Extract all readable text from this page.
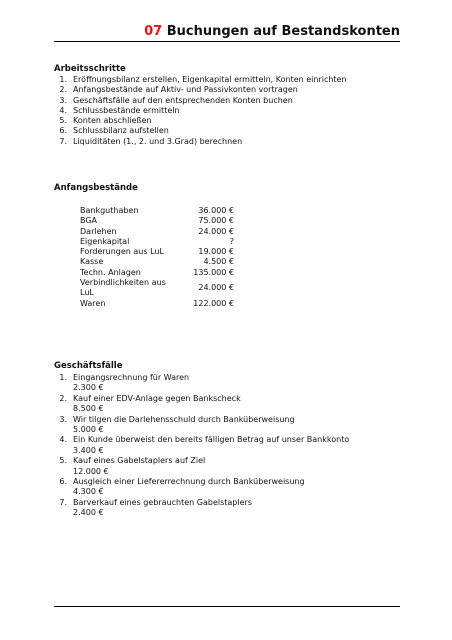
07 Buchungen auf Bestandskonten
Arbeitsschritte
1. Eröffnungsbilanz erstellen, Eigenkapital ermitteln, Konten einrichten
2. Anfangsbestände auf Aktiv- und Passivkonten vortragen
3. Geschäftsfälle auf den entsprechenden Konten buchen
4. Schlussbestände ermitteln
5. Konten abschließen
6. Schlussbilanz aufstellen
7. Liquiditäten (1., 2. und 3.Grad) berechnen
Anfangsbestände
Bankguthaben	36.000 €
BGA	75.000 €
Darlehen	24.000 €
Eigenkapital	?
Forderungen aus LuL	19.000 €
Kasse	4.500 €
Techn. Anlagen	135.000 €
Verbindlichkeiten aus LuL	24.000 €
Waren	122.000 €
Geschäftsfälle
1. Eingangsrechnung für Waren
2.300 €
2. Kauf einer EDV-Anlage gegen Bankscheck
8.500 €
3. Wir tilgen die Darlehensschuld durch Banküberweisung
5.000 €
4. Ein Kunde überweist den bereits fälligen Betrag auf unser Bankkonto
3.400 €
5. Kauf eines Gabelstaplers auf Ziel
12.000 €
6. Ausgleich einer Liefererrechnung durch Banküberweisung
4.300 €
7. Barverkauf eines gebrauchten Gabelstaplers
2.400 €
